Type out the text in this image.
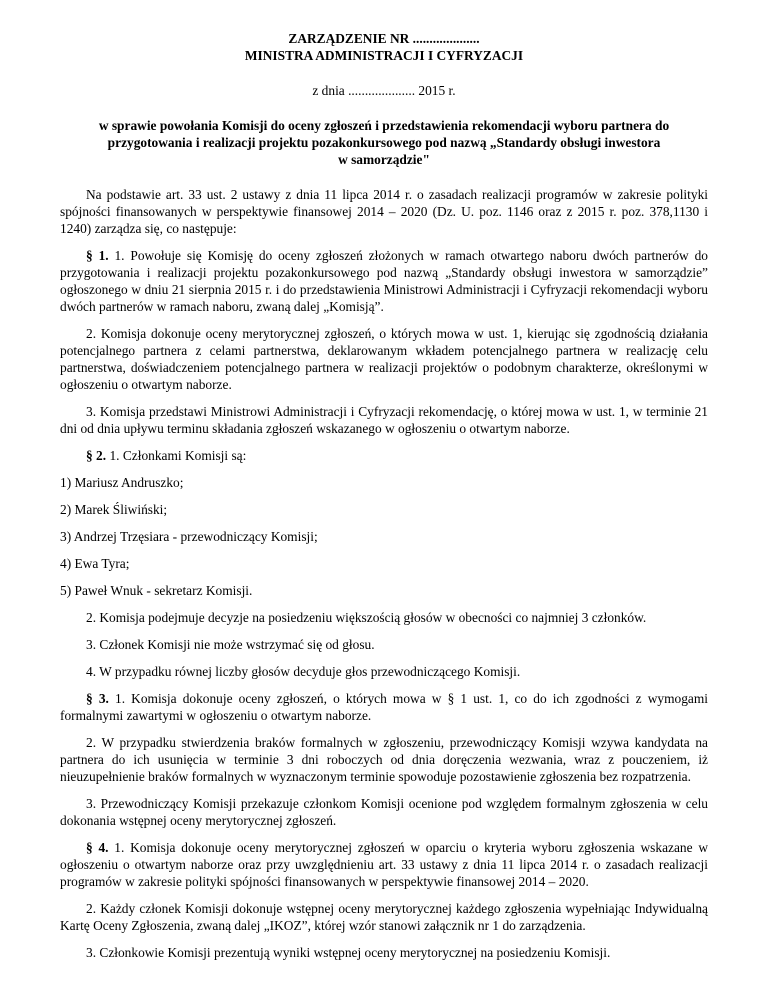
ZARZĄDZENIE NR ....................
MINISTRA ADMINISTRACJI I CYFRYZACJI
z dnia .................... 2015 r.
w sprawie powołania Komisji do oceny zgłoszeń i przedstawienia rekomendacji wyboru partnera do
przygotowania i realizacji projektu pozakonkursowego pod nazwą „Standardy obsługi inwestora
w samorządzie"

Na podstawie art. 33 ust. 2 ustawy z dnia 11 lipca 2014 r. o zasadach realizacji programów w zakresie polityki spójności finansowanych w perspektywie finansowej 2014 – 2020 (Dz. U. poz. 1146 oraz z 2015 r. poz. 378,1130 i 1240) zarządza się, co następuje:

§ 1. 1. Powołuje się Komisję do oceny zgłoszeń złożonych w ramach otwartego naboru dwóch partnerów do przygotowania i realizacji projektu pozakonkursowego pod nazwą „Standardy obsługi inwestora w samorządzie” ogłoszonego w dniu 21 sierpnia 2015 r. i do przedstawienia Ministrowi Administracji i Cyfryzacji rekomendacji wyboru dwóch partnerów w ramach naboru, zwaną dalej „Komisją”.

2. Komisja dokonuje oceny merytorycznej zgłoszeń, o których mowa w ust. 1, kierując się zgodnością działania potencjalnego partnera z celami partnerstwa, deklarowanym wkładem potencjalnego partnera w realizację celu partnerstwa, doświadczeniem potencjalnego partnera w realizacji projektów o podobnym charakterze, określonymi w ogłoszeniu o otwartym naborze.

3. Komisja przedstawi Ministrowi Administracji i Cyfryzacji rekomendację, o której mowa w ust. 1, w terminie 21 dni od dnia upływu terminu składania zgłoszeń wskazanego w ogłoszeniu o otwartym naborze.

§ 2. 1. Członkami Komisji są:

1) Mariusz Andruszko;

2) Marek Śliwiński;

3) Andrzej Trzęsiara - przewodniczący Komisji;

4) Ewa Tyra;

5) Paweł Wnuk - sekretarz Komisji.

2. Komisja podejmuje decyzje na posiedzeniu większością głosów w obecności co najmniej 3 członków.

3. Członek Komisji nie może wstrzymać się od głosu.

4. W przypadku równej liczby głosów decyduje głos przewodniczącego Komisji.

§ 3. 1. Komisja dokonuje oceny zgłoszeń, o których mowa w § 1 ust. 1, co do ich zgodności z wymogami formalnymi zawartymi w ogłoszeniu o otwartym naborze.

2. W przypadku stwierdzenia braków formalnych w zgłoszeniu, przewodniczący Komisji wzywa kandydata na partnera do ich usunięcia w terminie 3 dni roboczych od dnia doręczenia wezwania, wraz z pouczeniem, iż nieuzupełnienie braków formalnych w wyznaczonym terminie spowoduje pozostawienie zgłoszenia bez rozpatrzenia.

3. Przewodniczący Komisji przekazuje członkom Komisji ocenione pod względem formalnym zgłoszenia w celu dokonania wstępnej oceny merytorycznej zgłoszeń.

§ 4. 1. Komisja dokonuje oceny merytorycznej zgłoszeń w oparciu o kryteria wyboru zgłoszenia wskazane w ogłoszeniu o otwartym naborze oraz przy uwzględnieniu art. 33 ustawy z dnia 11 lipca 2014 r. o zasadach realizacji programów w zakresie polityki spójności finansowanych w perspektywie finansowej 2014 – 2020.

2. Każdy członek Komisji dokonuje wstępnej oceny merytorycznej każdego zgłoszenia wypełniając Indywidualną Kartę Oceny Zgłoszenia, zwaną dalej „IKOZ”, której wzór stanowi załącznik nr 1 do zarządzenia.

3. Członkowie Komisji prezentują wyniki wstępnej oceny merytorycznej na posiedzeniu Komisji.
